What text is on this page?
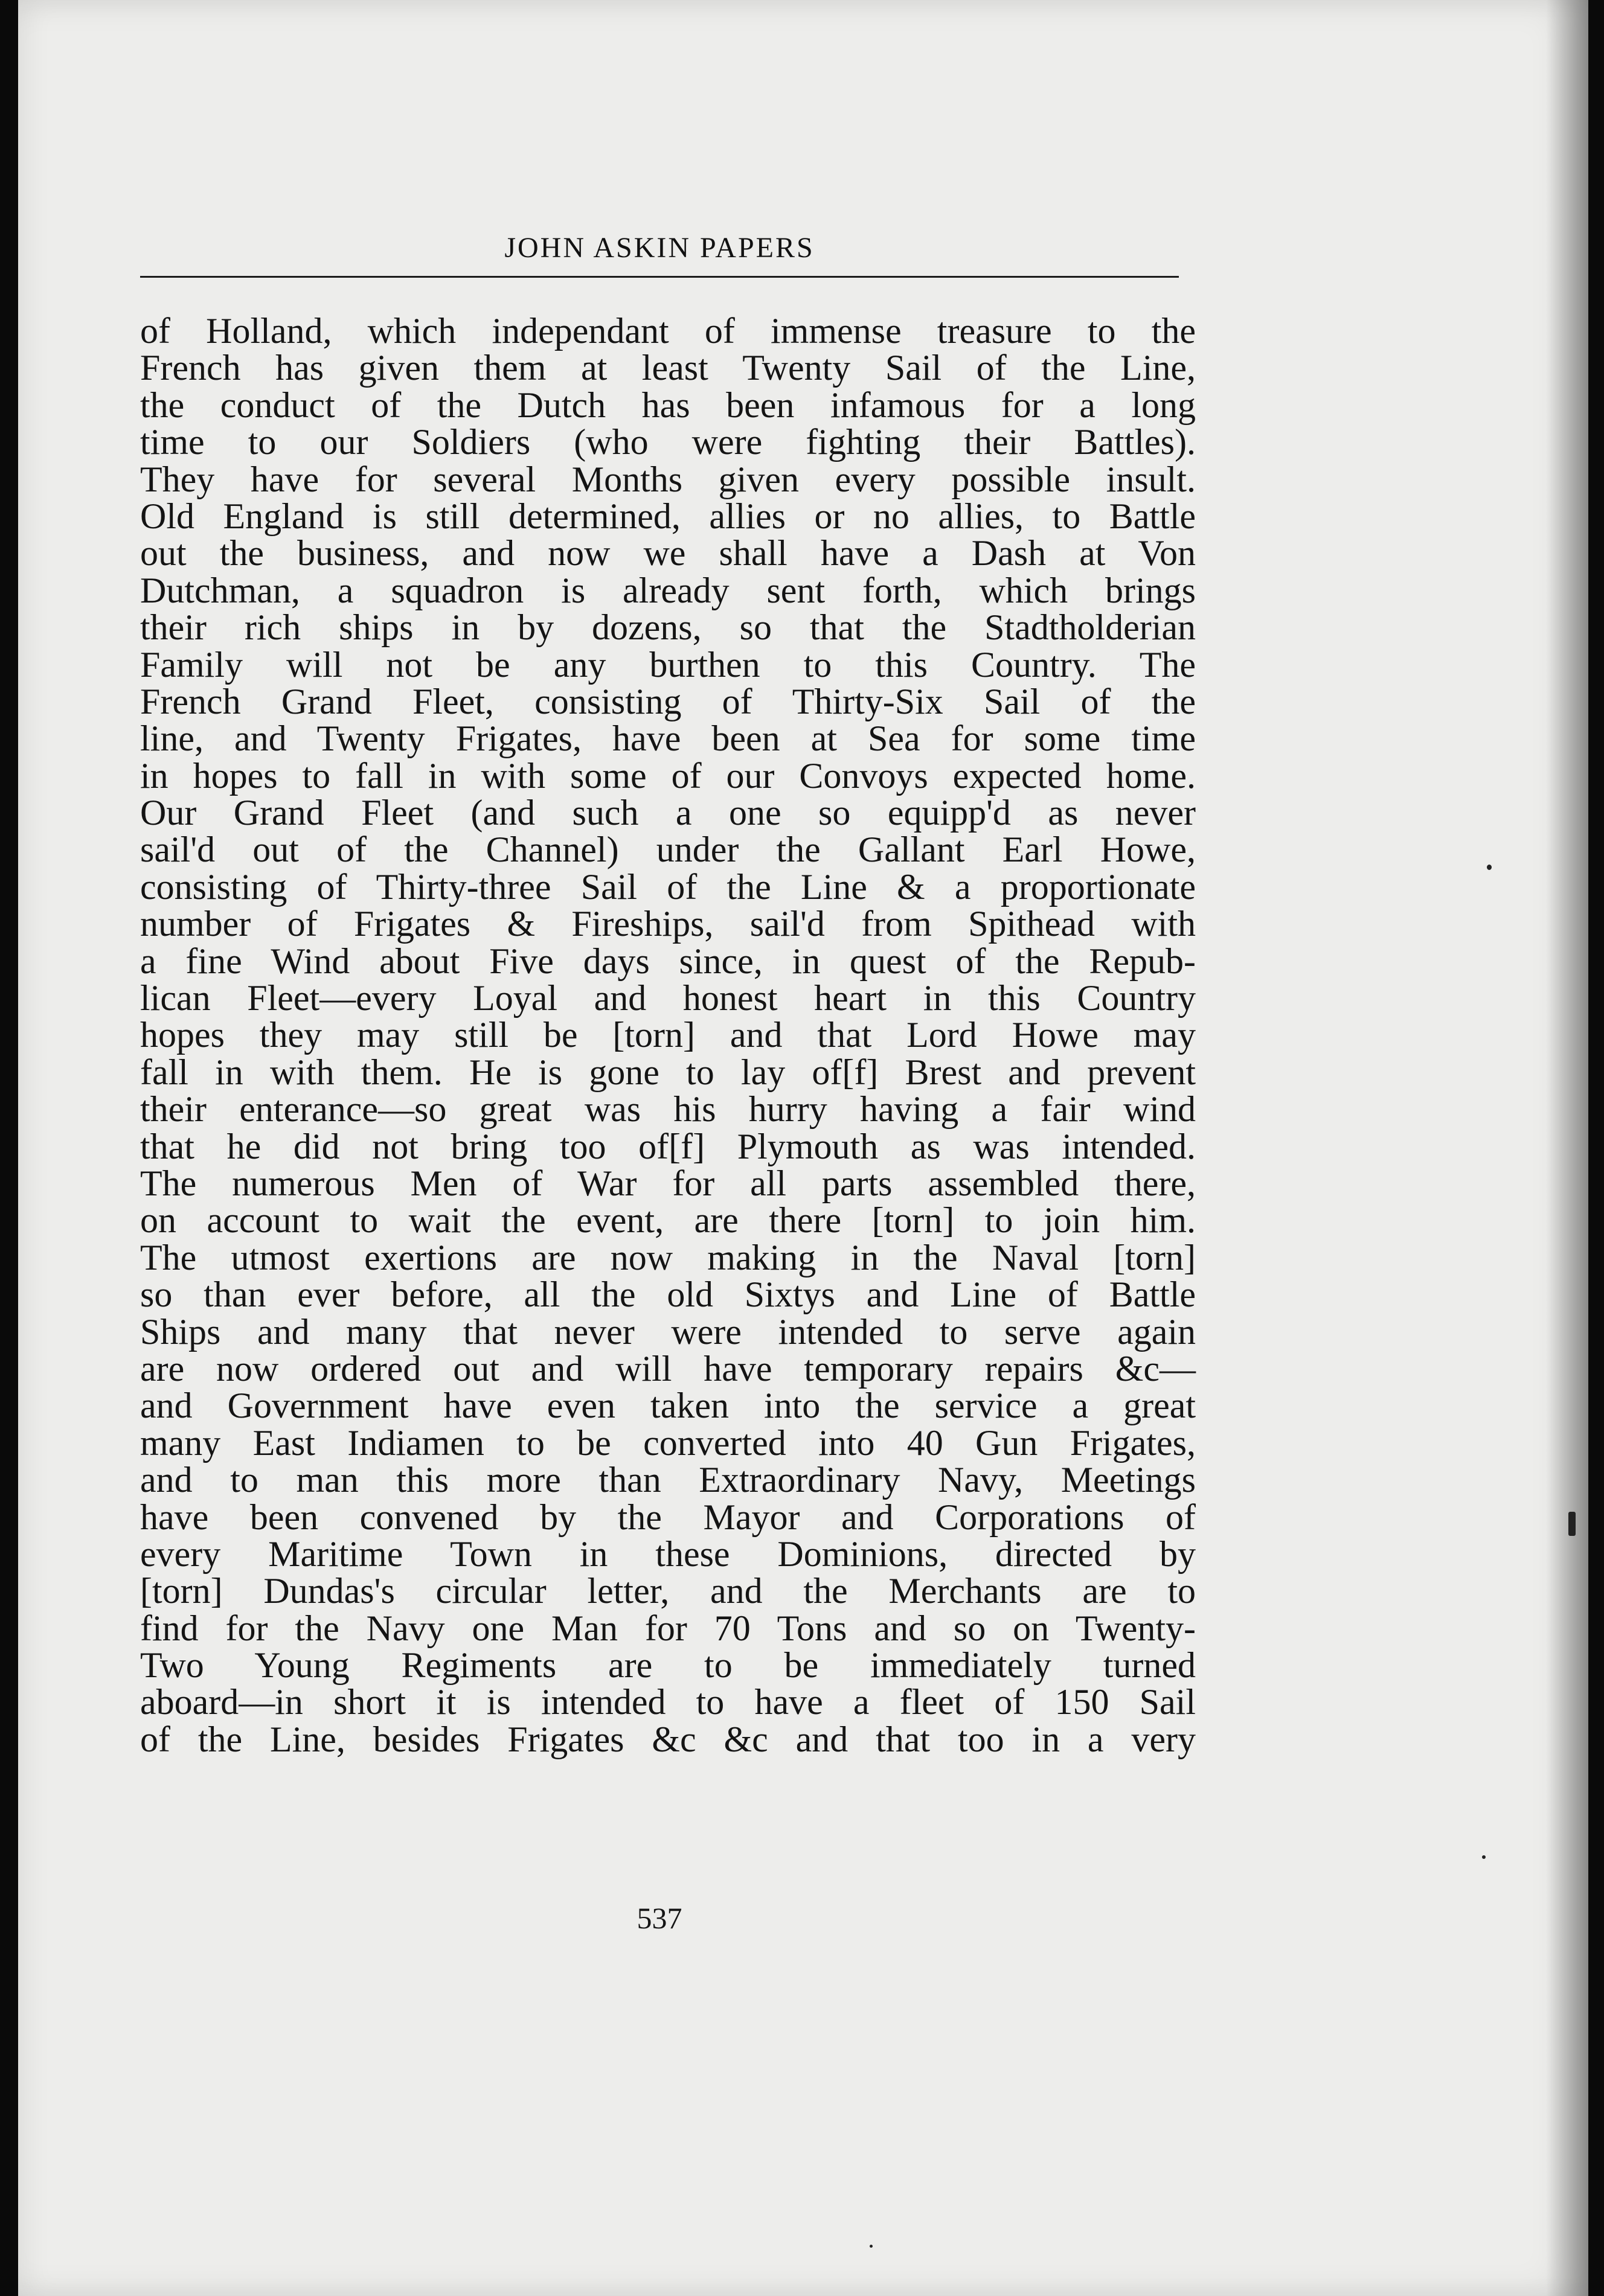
JOHN ASKIN PAPERS
of Holland, which independant of immense treasure to the
French has given them at least Twenty Sail of the Line,
the conduct of the Dutch has been infamous for a long
time to our Soldiers (who were fighting their Battles).
They have for several Months given every possible insult.
Old England is still determined, allies or no allies, to Battle
out the business, and now we shall have a Dash at Von
Dutchman, a squadron is already sent forth, which brings
their rich ships in by dozens, so that the Stadtholderian
Family will not be any burthen to this Country. The
French Grand Fleet, consisting of Thirty-Six Sail of the
line, and Twenty Frigates, have been at Sea for some time
in hopes to fall in with some of our Convoys expected home.
Our Grand Fleet (and such a one so equipp'd as never
sail'd out of the Channel) under the Gallant Earl Howe,
consisting of Thirty-three Sail of the Line & a proportionate
number of Frigates & Fireships, sail'd from Spithead with
a fine Wind about Five days since, in quest of the Repub-
lican Fleet—every Loyal and honest heart in this Country
hopes they may still be [torn] and that Lord Howe may
fall in with them. He is gone to lay of[f] Brest and prevent
their enterance—so great was his hurry having a fair wind
that he did not bring too of[f] Plymouth as was intended.
The numerous Men of War for all parts assembled there,
on account to wait the event, are there [torn] to join him.
The utmost exertions are now making in the Naval [torn]
so than ever before, all the old Sixtys and Line of Battle
Ships and many that never were intended to serve again
are now ordered out and will have temporary repairs &c—
and Government have even taken into the service a great
many East Indiamen to be converted into 40 Gun Frigates,
and to man this more than Extraordinary Navy, Meetings
have been convened by the Mayor and Corporations of
every Maritime Town in these Dominions, directed by
[torn] Dundas's circular letter, and the Merchants are to
find for the Navy one Man for 70 Tons and so on Twenty-
Two Young Regiments are to be immediately turned
aboard—in short it is intended to have a fleet of 150 Sail
of the Line, besides Frigates &c &c and that too in a very
537
